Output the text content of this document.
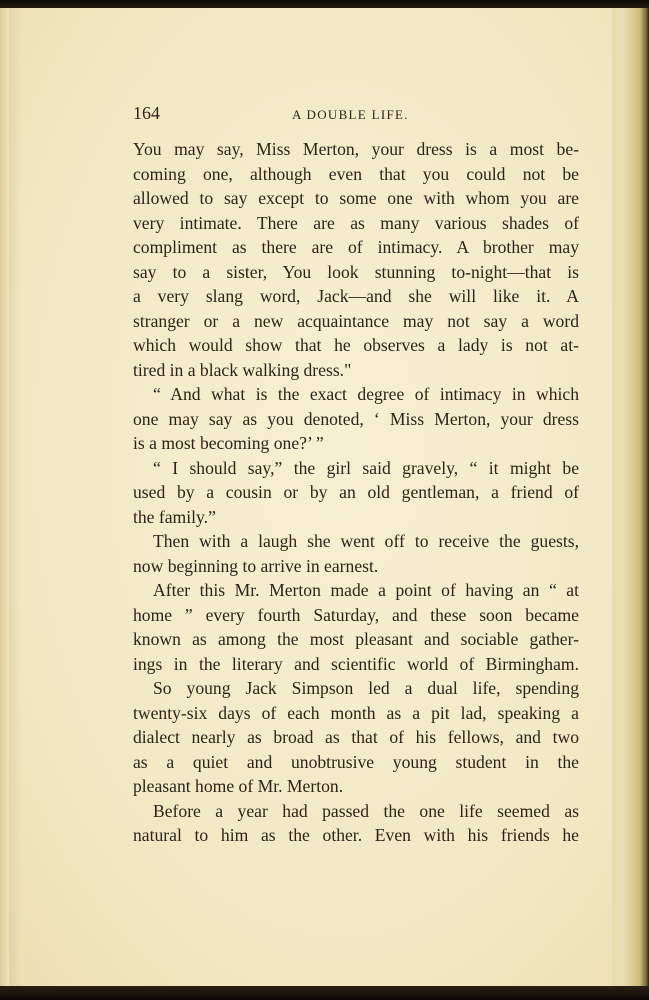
164	A DOUBLE LIFE.
You may say, Miss Merton, your dress is a most be-
coming one, although even that you could not be
allowed to say except to some one with whom you are
very intimate. There are as many various shades of
compliment as there are of intimacy. A brother may
say to a sister, You look stunning to-night—that is
a very slang word, Jack—and she will like it. A
stranger or a new acquaintance may not say a word
which would show that he observes a lady is not at-
tired in a black walking dress."
“ And what is the exact degree of intimacy in which
one may say as you denoted, ‘ Miss Merton, your dress
is a most becoming one?’ ”
“ I should say,” the girl said gravely, “ it might be
used by a cousin or by an old gentleman, a friend of
the family.”
Then with a laugh she went off to receive the guests,
now beginning to arrive in earnest.
After this Mr. Merton made a point of having an “ at
home ” every fourth Saturday, and these soon became
known as among the most pleasant and sociable gather-
ings in the literary and scientific world of Birmingham.
So young Jack Simpson led a dual life, spending
twenty-six days of each month as a pit lad, speaking a
dialect nearly as broad as that of his fellows, and two
as a quiet and unobtrusive young student in the
pleasant home of Mr. Merton.
Before a year had passed the one life seemed as
natural to him as the other. Even with his friends he
